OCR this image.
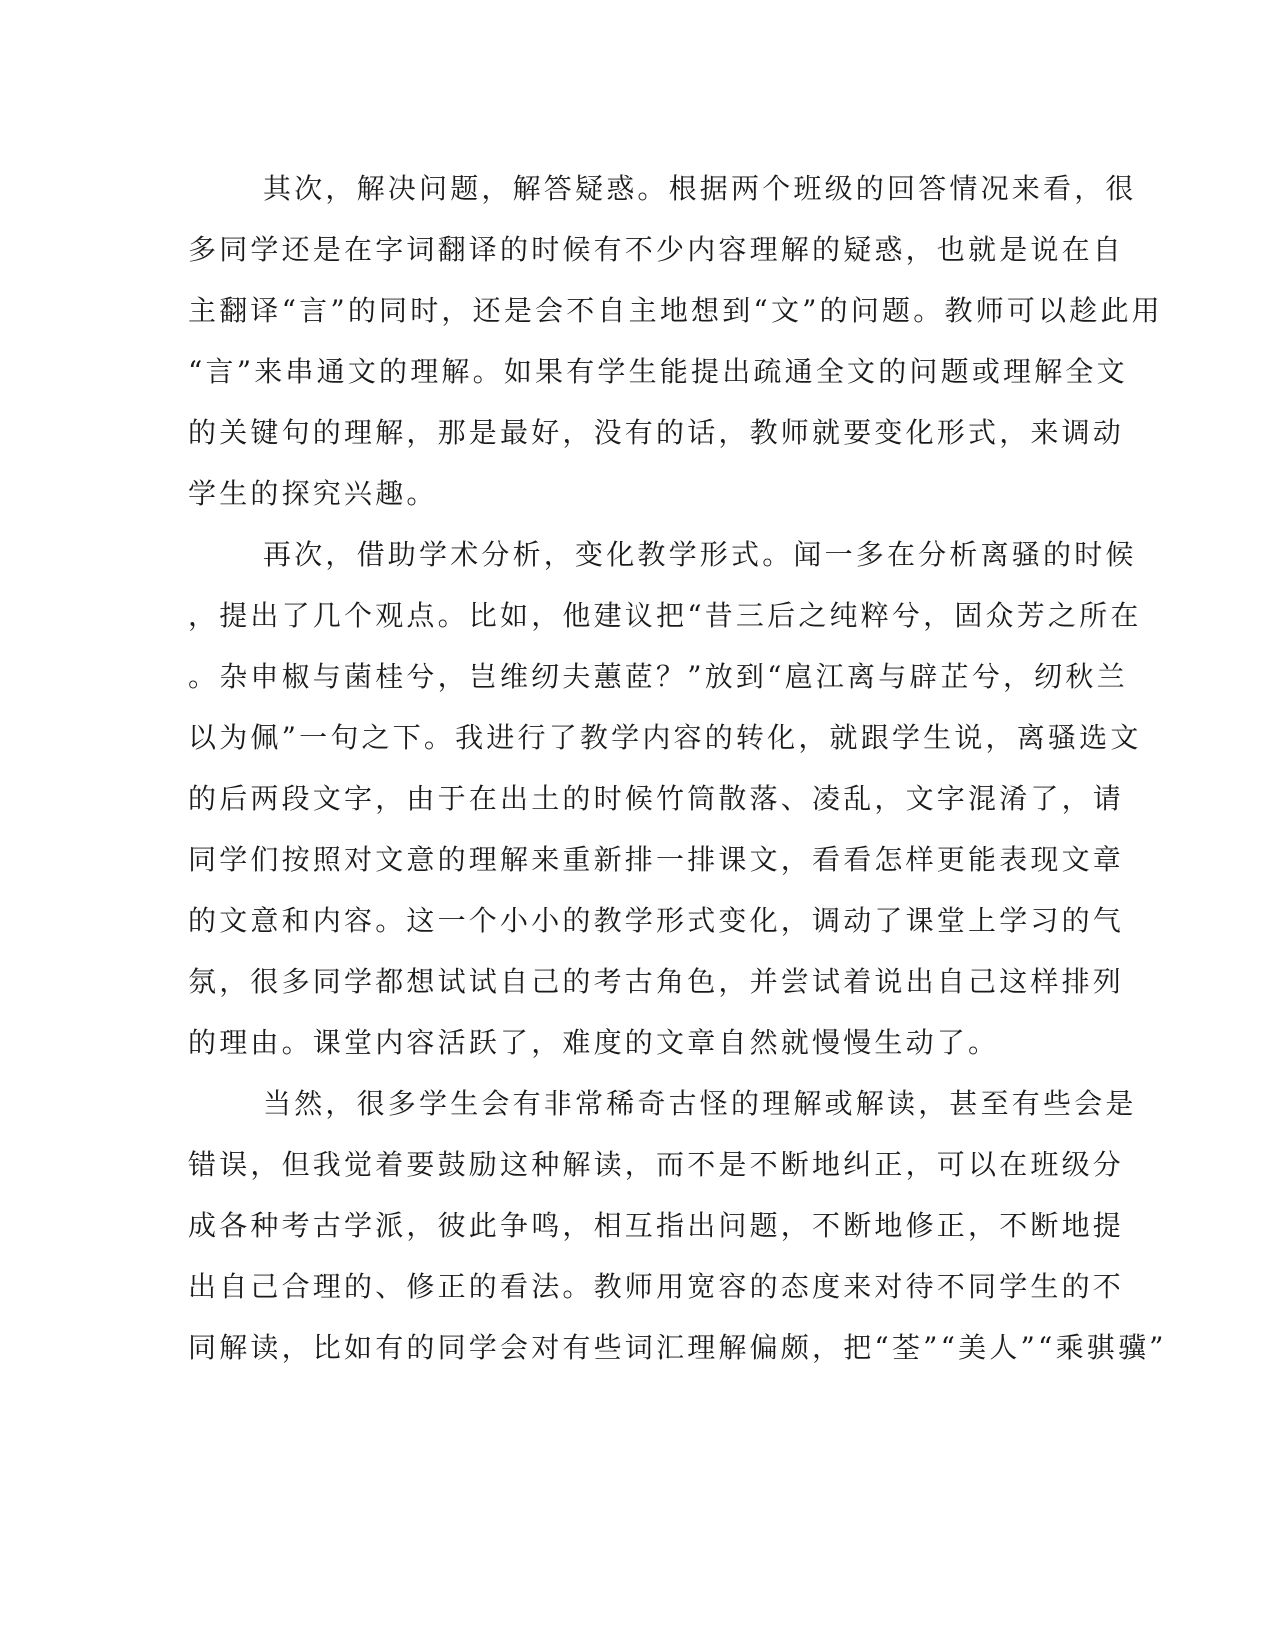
其次，解决问题，解答疑惑。根据两个班级的回答情况来看，很
多同学还是在字词翻译的时候有不少内容理解的疑惑，也就是说在自
主翻译“言”的同时，还是会不自主地想到“文”的问题。教师可以趁此用
“言”来串通文的理解。如果有学生能提出疏通全文的问题或理解全文
的关键句的理解，那是最好，没有的话，教师就要变化形式，来调动
学生的探究兴趣。
再次，借助学术分析，变化教学形式。闻一多在分析离骚的时候
，提出了几个观点。比如，他建议把“昔三后之纯粹兮，固众芳之所在
。杂申椒与菌桂兮，岂维纫夫蕙茝？”放到“扈江离与辟芷兮，纫秋兰
以为佩”一句之下。我进行了教学内容的转化，就跟学生说，离骚选文
的后两段文字，由于在出土的时候竹筒散落、凌乱，文字混淆了，请
同学们按照对文意的理解来重新排一排课文，看看怎样更能表现文章
的文意和内容。这一个小小的教学形式变化，调动了课堂上学习的气
氛，很多同学都想试试自己的考古角色，并尝试着说出自己这样排列
的理由。课堂内容活跃了，难度的文章自然就慢慢生动了。
当然，很多学生会有非常稀奇古怪的理解或解读，甚至有些会是
错误，但我觉着要鼓励这种解读，而不是不断地纠正，可以在班级分
成各种考古学派，彼此争鸣，相互指出问题，不断地修正，不断地提
出自己合理的、修正的看法。教师用宽容的态度来对待不同学生的不
同解读，比如有的同学会对有些词汇理解偏颇，把“荃”“美人”“乘骐骥”
